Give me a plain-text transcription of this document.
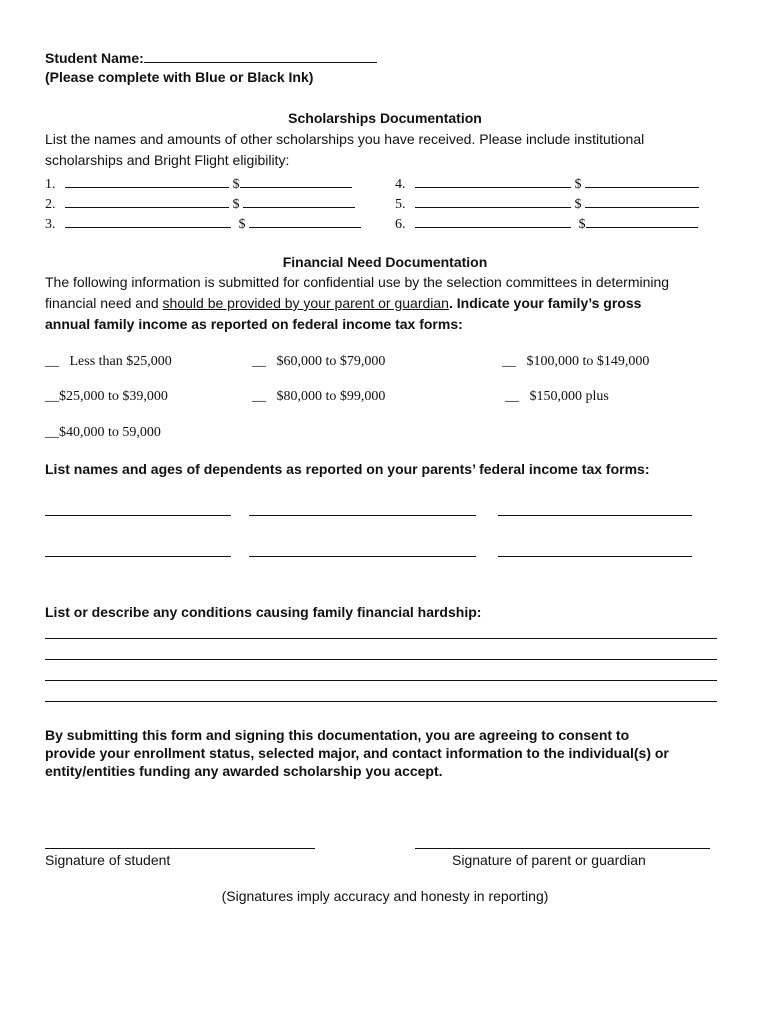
Student Name:
(Please complete with Blue or Black Ink)
Scholarships Documentation
List the names and amounts of other scholarships you have received. Please include institutional
scholarships and Bright Flight eligibility:
1.	$
2.	$
3.	$
4.	$
5.	$
6.	$
Financial Need Documentation
The following information is submitted for confidential use by the selection committees in determining
financial need and should be provided by your parent or guardian. Indicate your family’s gross
annual family income as reported on federal income tax forms:
__ Less than $25,000	__ $60,000 to $79,000	__ $100,000 to $149,000
__$25,000 to $39,000	__ $80,000 to $99,000	__ $150,000 plus
__$40,000 to 59,000
List names and ages of dependents as reported on your parents’ federal income tax forms:
List or describe any conditions causing family financial hardship:
By submitting this form and signing this documentation, you are agreeing to consent to
provide your enrollment status, selected major, and contact information to the individual(s) or
entity/entities funding any awarded scholarship you accept.
Signature of student	Signature of parent or guardian
(Signatures imply accuracy and honesty in reporting)
